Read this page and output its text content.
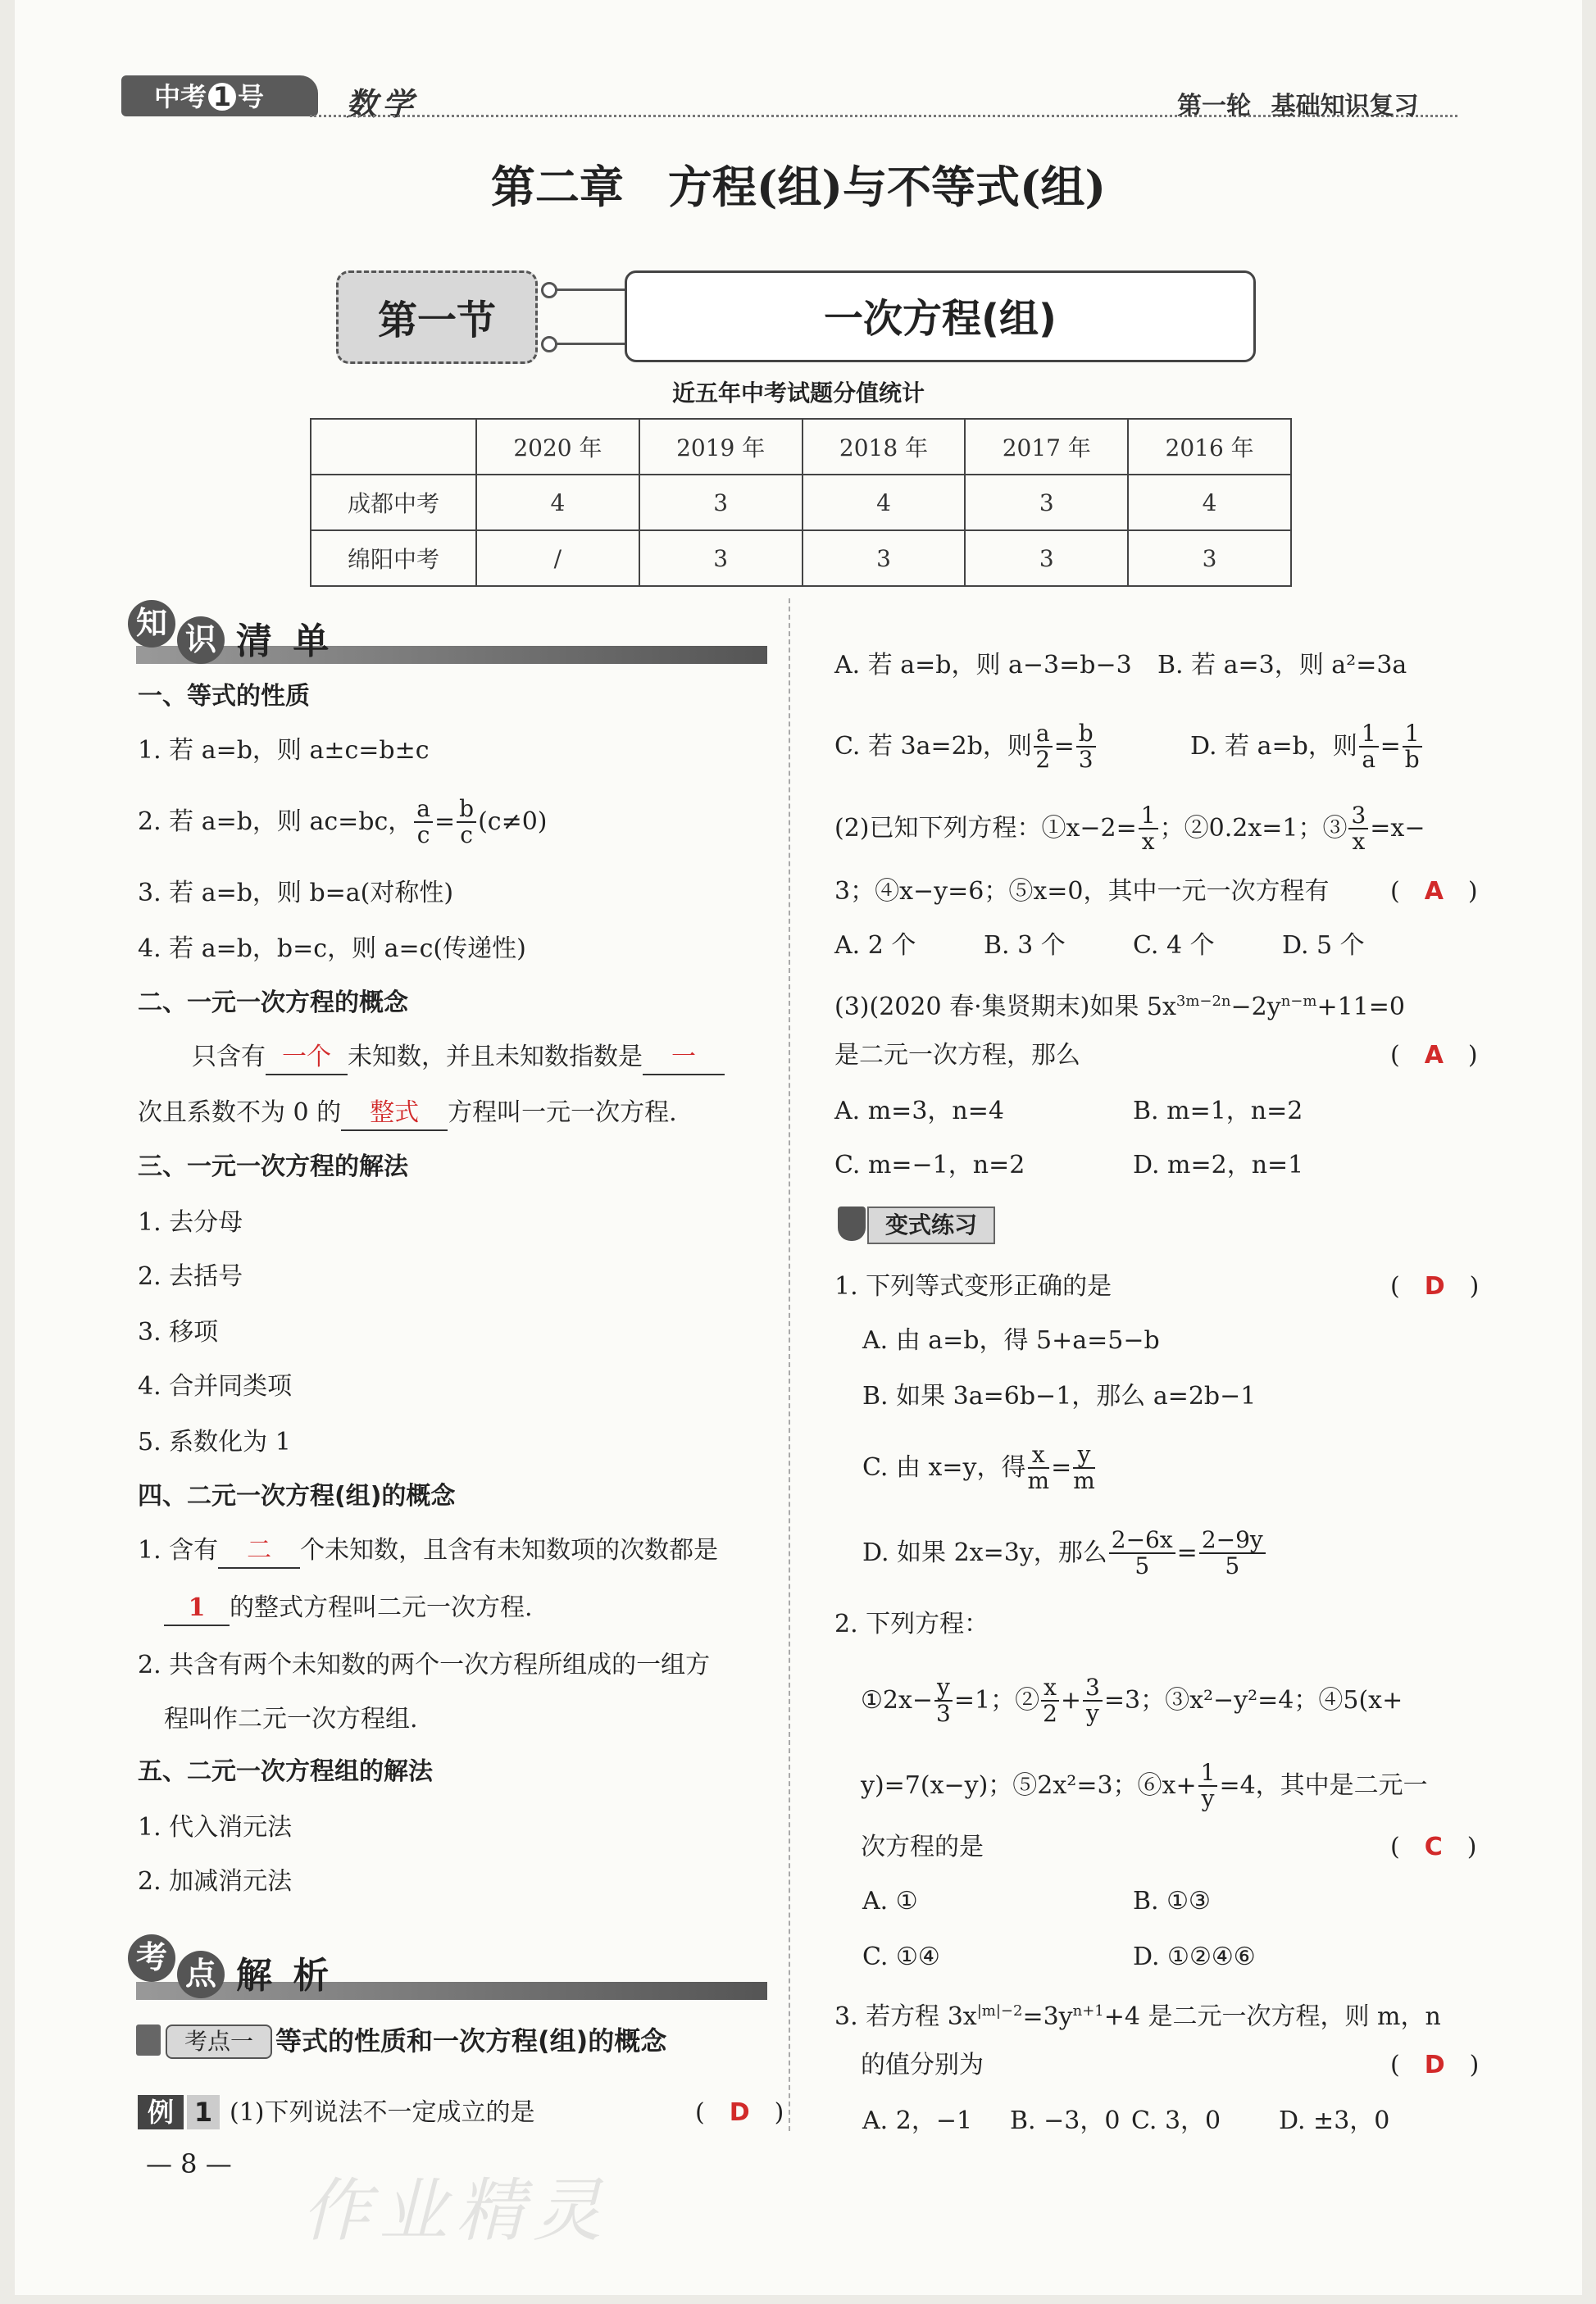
中考 1 号	数学	第一轮 基础知识复习
第二章　方程(组)与不等式(组)
第一节	一次方程(组)
近五年中考试题分值统计
	2020 年	2019 年	2018 年	2017 年	2016 年
成都中考	4	3	4	3	4
绵阳中考	/	3	3	3	3
知 识 清 单
一、等式的性质
1. 若 a=b，则 a±c=b±c
2. 若 a=b，则 ac=bc， $\frac{a}{c} = \frac{b}{c} (c\ne 0)$
3. 若 a=b，则 b=a(对称性)
4. 若 a=b，b=c，则 a=c(传递性)
二、一元一次方程的概念
只含有 一个 未知数，并且未知数指数是 一
次且系数不为 0 的 整式 方程叫一元一次方程.
三、一元一次方程的解法
1. 去分母
2. 去括号
3. 移项
4. 合并同类项
5. 系数化为 1
四、二元一次方程(组)的概念
1. 含有 二 个未知数，且含有未知数项的次数都是
1 的整式方程叫二元一次方程.
2. 共含有两个未知数的两个一次方程所组成的一组方
程叫作二元一次方程组.
五、二元一次方程组的解法
1. 代入消元法
2. 加减消元法
考 点 解 析
考点一 等式的性质和一次方程(组)的概念
例 1 (1)下列说法不一定成立的是	(　D　)
— 8 —
A. 若 a=b，则 a−3=b−3 B. 若 a=3，则 a²=3a
C. 若 3a=2b，则 $\frac{a}{2} = \frac{b}{3}$	D. 若 a=b，则 $\frac{1}{a} = \frac{1}{b}$
(2)已知下列方程：①x−2= $\frac{1}{x}$ ；②0.2x=1；③ $\frac{3}{x} =x-$
3；④x−y=6；⑤x=0，其中一元一次方程有 (　A　)
A. 2 个	B. 3 个	C. 4 个	D. 5 个
(3)(2020 春·集贤期末)如果 $5x^{3m-2n}-2y^{n-m}+11=0$
是二元一次方程，那么	(　A　)
A. m=3，n=4	B. m=1，n=2
C. m=−1，n=2	D. m=2，n=1
变式练习
1. 下列等式变形正确的是	(　D　)
A. 由 a=b，得 5+a=5−b
B. 如果 3a=6b−1，那么 a=2b−1
C. 由 x=y，得 $\frac{x}{m} = \frac{y}{m}$
D. 如果 2x=3y，那么 $\frac{2-6x}{5} = \frac{2-9y}{5}$
2. 下列方程：
①2x− $\frac{y}{3} =1$；② $\frac{x}{2} + \frac{3}{y} =3$；③x²−y²=4；④5(x+
y)=7(x−y)；⑤2x²=3；⑥x+ $\frac{1}{y} =4$，其中是二元一
次方程的是	(　C　)
A. ①	B. ①③
C. ①④	D. ①②④⑥
3. 若方程 $3x^{|m|-2}=3y^{n+1}+4$ 是二元一次方程，则 m，n
的值分别为	(　D　)
A. 2，−1 B. −3，0 C. 3，0 D. ±3，0
作业精灵
